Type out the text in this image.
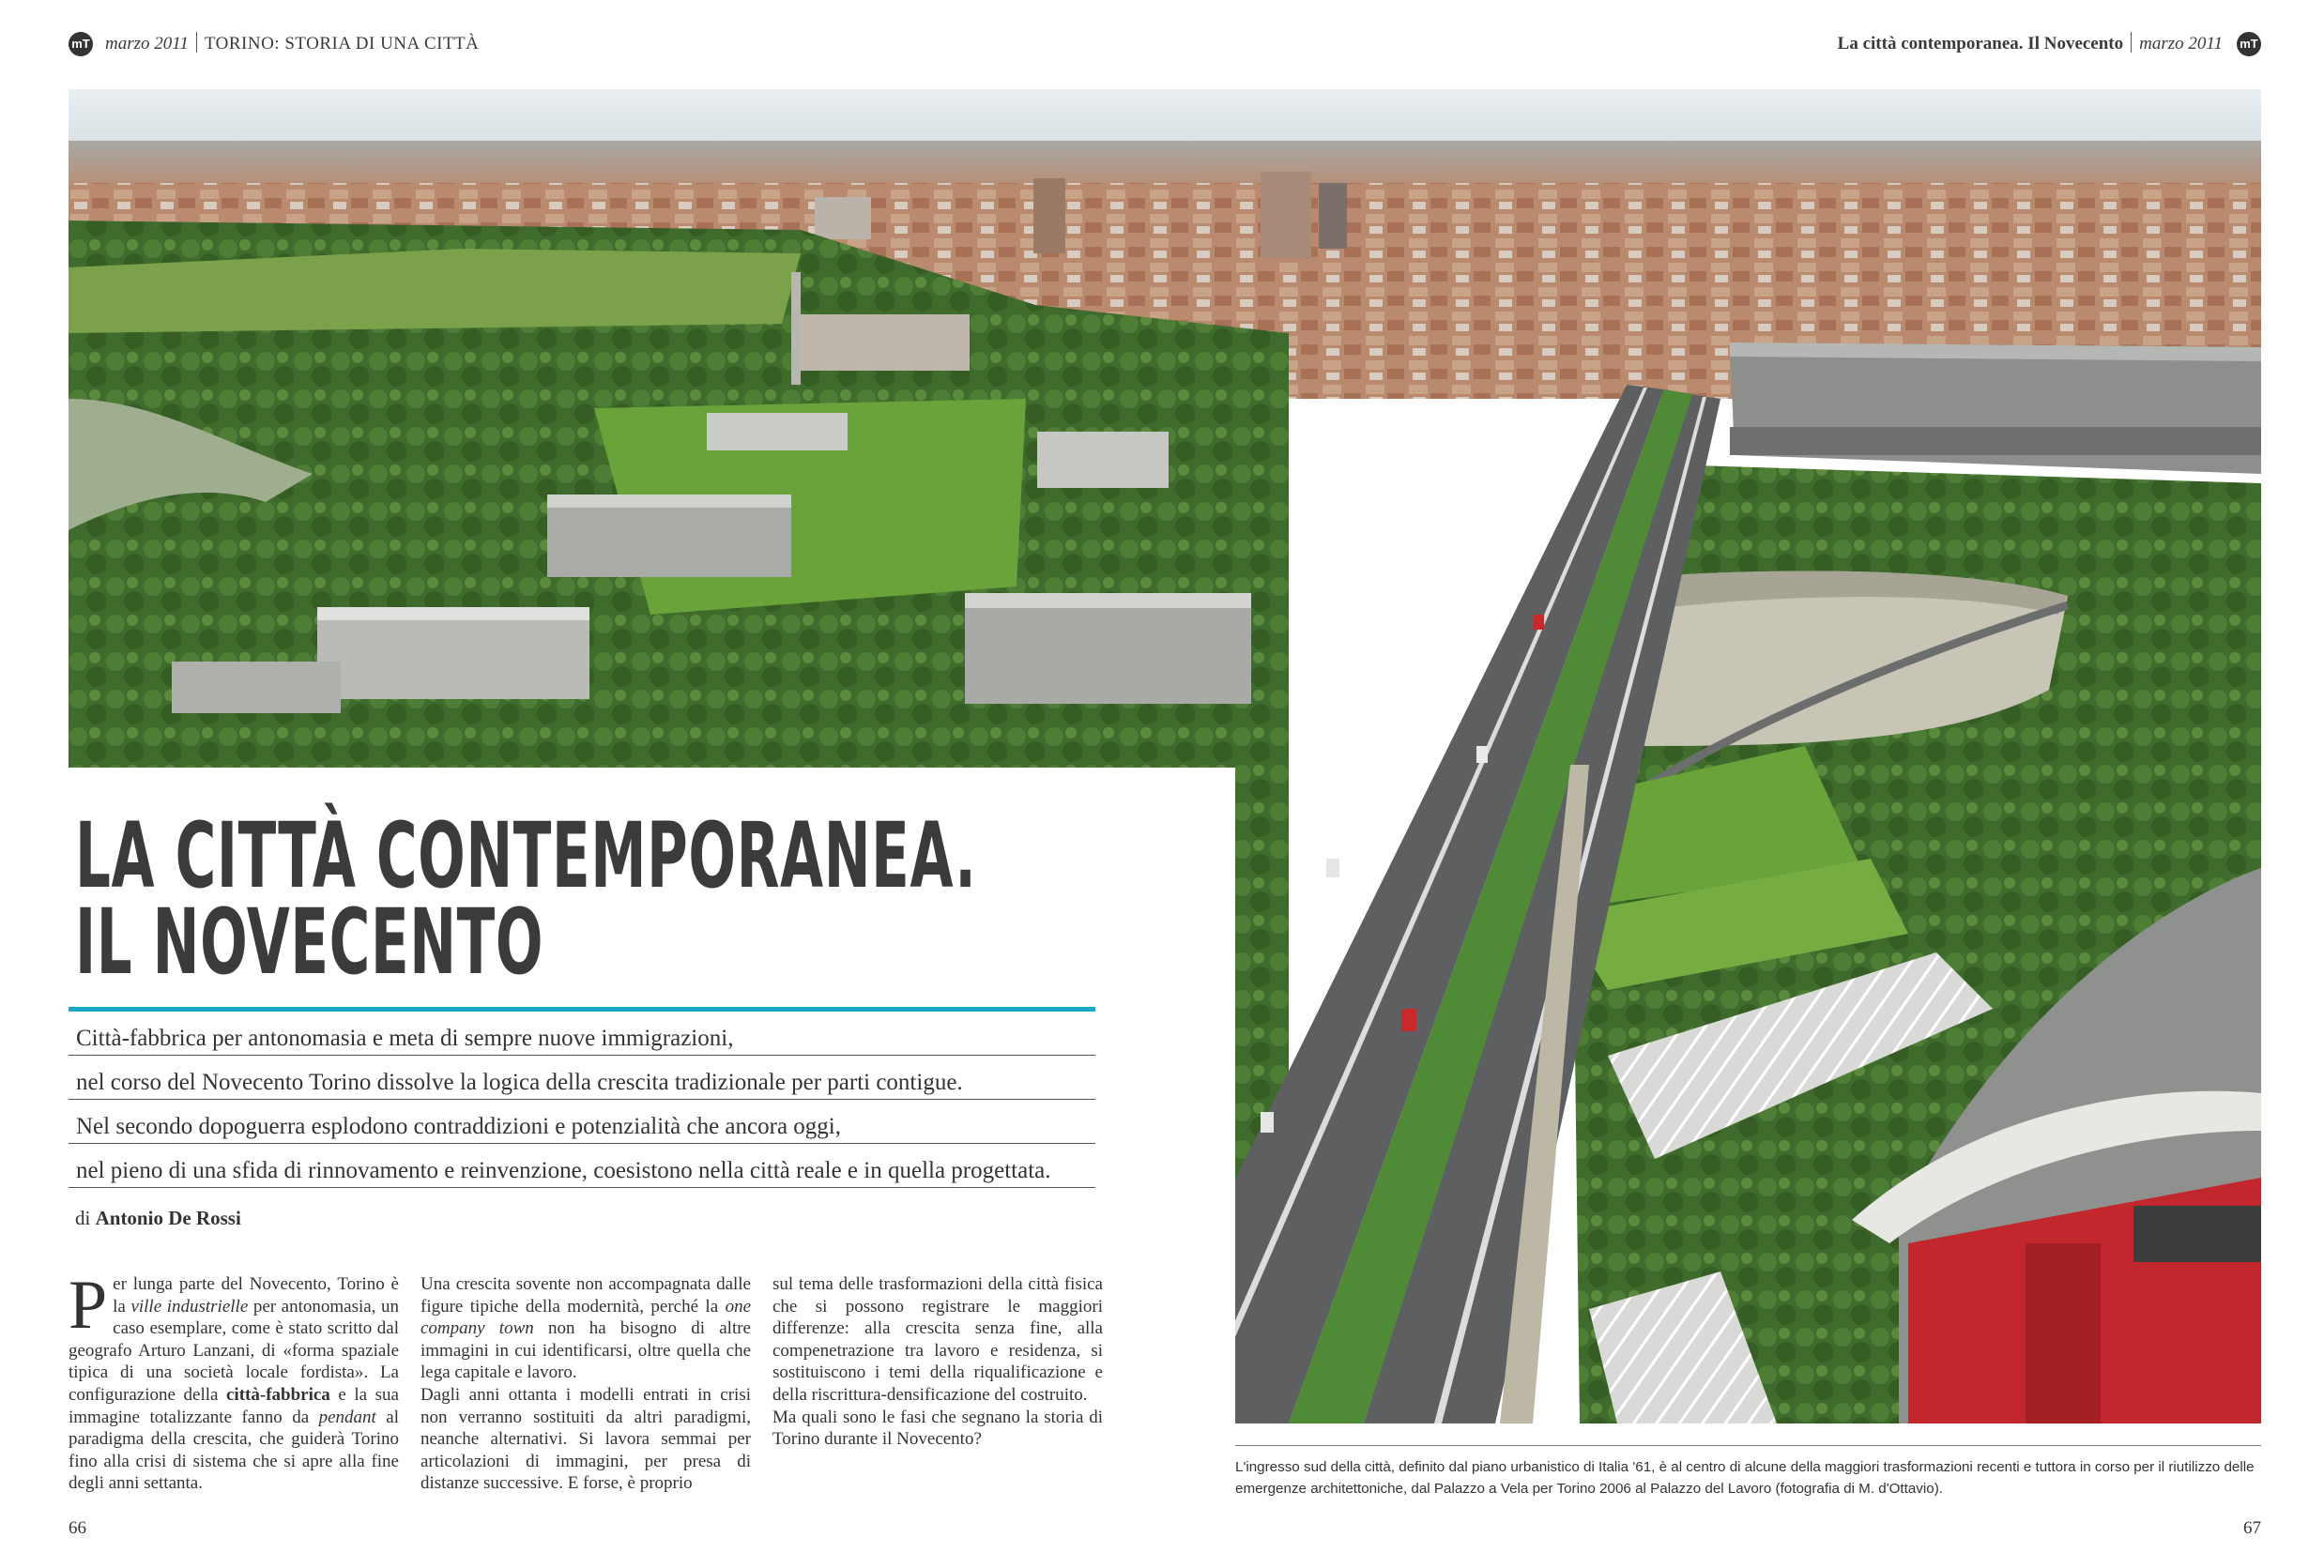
mT marzo 2011 TORINO: STORIA DI UNA CITTÀ	La città contemporanea. Il Novecento marzo 2011 mT
LA CITTÀ CONTEMPORANEA.
IL NOVECENTO
Città-fabbrica per antonomasia e meta di sempre nuove immigrazioni,
nel corso del Novecento Torino dissolve la logica della crescita tradizionale per parti contigue.
Nel secondo dopoguerra esplodono contraddizioni e potenzialità che ancora oggi,
nel pieno di una sfida di rinnovamento e reinvenzione, coesistono nella città reale e in quella progettata.
di Antonio De Rossi

Per lunga parte del Novecento, Torino è la ville industrielle per antonomasia, un caso esemplare, come è stato scritto dal geografo Arturo Lanzani, di «forma spaziale tipica di una società locale fordista». La configurazione della città-fabbrica e la sua immagine totalizzante fanno da pendant al paradigma della crescita, che guiderà Torino fino alla crisi di sistema che si apre alla fine degli anni settanta.

Una crescita sovente non accompagnata dalle figure tipiche della modernità, perché la one company town non ha bisogno di altre immagini in cui identificarsi, oltre quella che lega capitale e lavoro.

Dagli anni ottanta i modelli entrati in crisi non verranno sostituiti da altri paradigmi, neanche alternativi. Si lavora semmai per articolazioni di immagini, per presa di distanze successive. E forse, è proprio

sul tema delle trasformazioni della città fisica che si possono registrare le maggiori differenze: alla crescita senza fine, alla compenetrazione tra lavoro e residenza, si sostituiscono i temi della riqualificazione e della riscrittura-densificazione del costruito.

Ma quali sono le fasi che segnano la storia di Torino durante il Novecento?

L'ingresso sud della città, definito dal piano urbanistico di Italia '61, è al centro di alcune della maggiori trasformazioni recenti e tuttora in corso per il riutilizzo delle emergenze architettoniche, dal Palazzo a Vela per Torino 2006 al Palazzo del Lavoro (fotografia di M. d'Ottavio).
66	67
